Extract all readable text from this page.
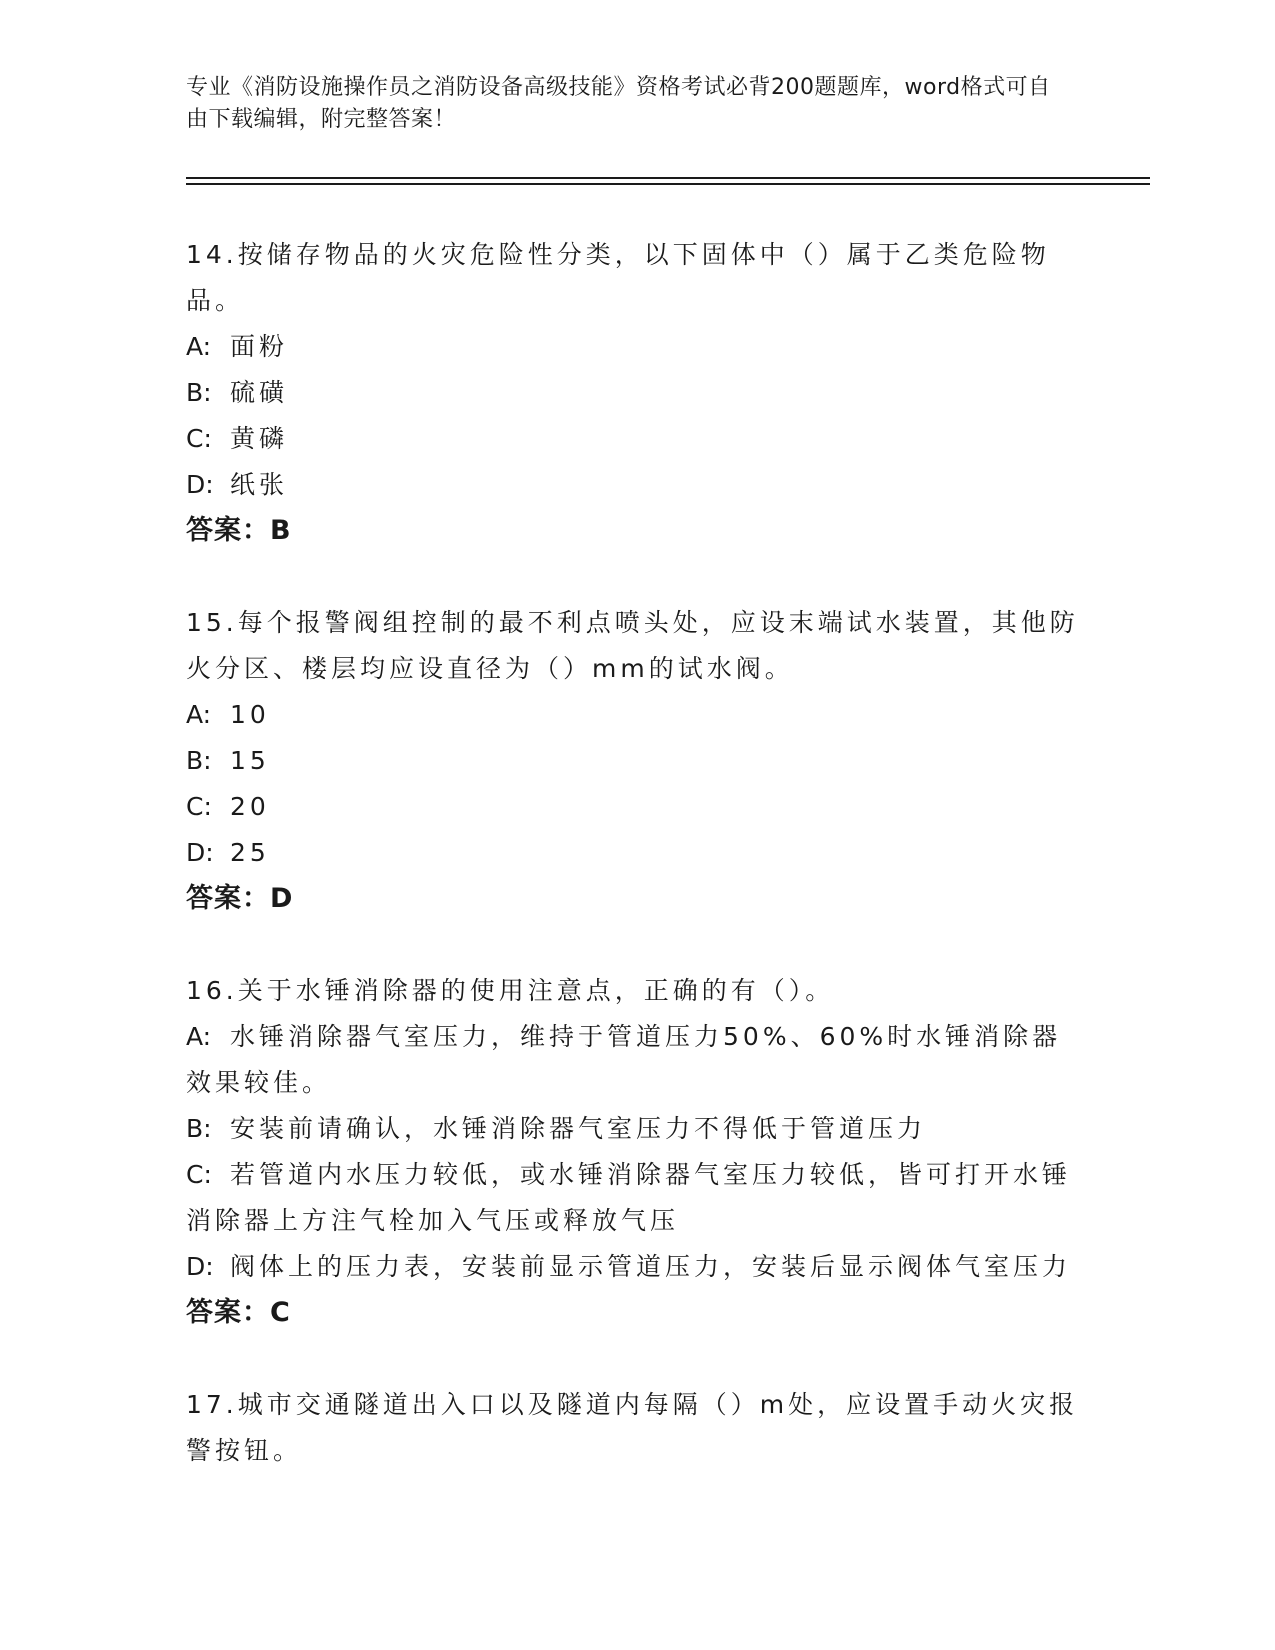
专业《消防设施操作员之消防设备高级技能》资格考试必背200题题库，word格式可自由下载编辑，附完整答案！
14.按储存物品的火灾危险性分类，以下固体中（）属于乙类危险物品。
A: 面粉
B: 硫磺
C: 黄磷
D: 纸张
答案：B
15.每个报警阀组控制的最不利点喷头处，应设末端试水装置，其他防火分区、楼层均应设直径为（）mm的试水阀。
A: 10
B: 15
C: 20
D: 25
答案：D
16.关于水锤消除器的使用注意点，正确的有（）。
A: 水锤消除器气室压力，维持于管道压力50%、60%时水锤消除器效果较佳。
B: 安装前请确认，水锤消除器气室压力不得低于管道压力
C: 若管道内水压力较低，或水锤消除器气室压力较低，皆可打开水锤消除器上方注气栓加入气压或释放气压
D: 阀体上的压力表，安装前显示管道压力，安装后显示阀体气室压力
答案：C
17.城市交通隧道出入口以及隧道内每隔（）m处，应设置手动火灾报警按钮。
